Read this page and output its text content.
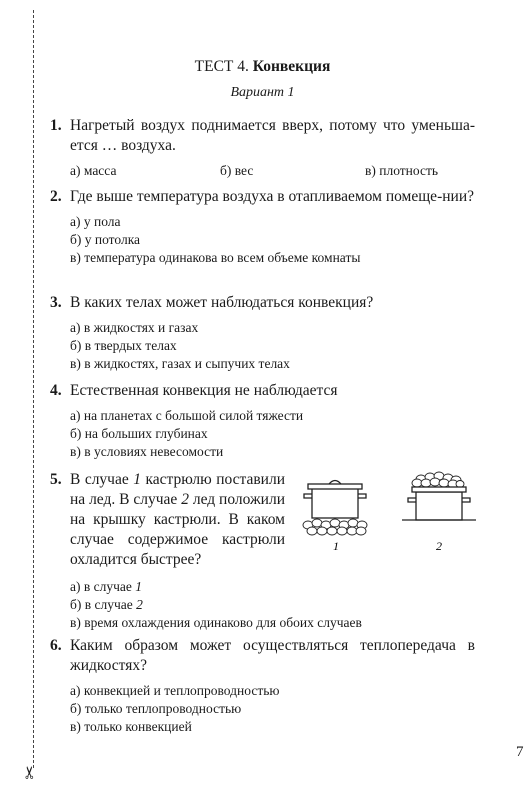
✂
ТЕСТ 4. Конвекция
Вариант 1
1. Нагретый воздух поднимается вверх, потому что уменьша-ется … воздуха.
а) масса	б) вес	в) плотность
2. Где выше температура воздуха в отапливаемом помеще-нии?
а) у пола
б) у потолка
в) температура одинакова во всем объеме комнаты
3. В каких телах может наблюдаться конвекция?
а) в жидкостях и газах
б) в твердых телах
в) в жидкостях, газах и сыпучих телах
4. Естественная конвекция не наблюдается
а) на планетах с большой силой тяжести
б) на больших глубинах
в) в условиях невесомости
5. В случае 1 кастрюлю поставили на лед. В случае 2 лед положили на крышку кастрюли. В каком случае содержимое кастрюли охладится быстрее?
1	2
а) в случае 1
б) в случае 2
в) время охлаждения одинаково для обоих случаев
6. Каким образом может осуществляться теплопередача в жидкостях?
а) конвекцией и теплопроводностью
б) только теплопроводностью
в) только конвекцией
7
